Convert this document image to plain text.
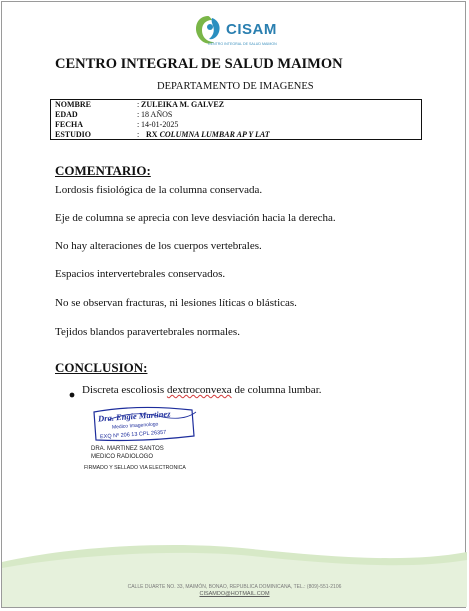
CISAM
CENTRO INTEGRAL DE SALUD MAIMON
CENTRO INTEGRAL DE SALUD MAIMON
DEPARTAMENTO DE IMAGENES
NOMBRE	: ZULEIKA M. GALVEZ
EDAD	: 18 AÑOS
FECHA	: 14-01-2025
ESTUDIO	: RX COLUMNA LUMBAR AP Y LAT
COMENTARIO:
Lordosis fisiológica de la columna conservada.
Eje de columna se aprecia con leve desviación hacia la derecha.
No hay alteraciones de los cuerpos vertebrales.
Espacios intervertebrales conservados.
No se observan fracturas, ni lesiones líticas o blásticas.
Tejidos blandos paravertebrales normales.
CONCLUSION:
Discreta escoliosis dextroconvexa de columna lumbar.
Dra. Engie Martinez
Medico Imagenologo
EXQ Nº 206 13 CPL 26357
DRA. MARTINEZ SANTOS
MEDICO RADIOLOGO
FIRMADO Y SELLADO VIA ELECTRONICA
CALLE DUARTE NO. 33, MAIMÓN, BONAO, REPUBLICA DOMINICANA, TEL.: (809)-551-2106
CISAMDO@HOTMAIL.COM
